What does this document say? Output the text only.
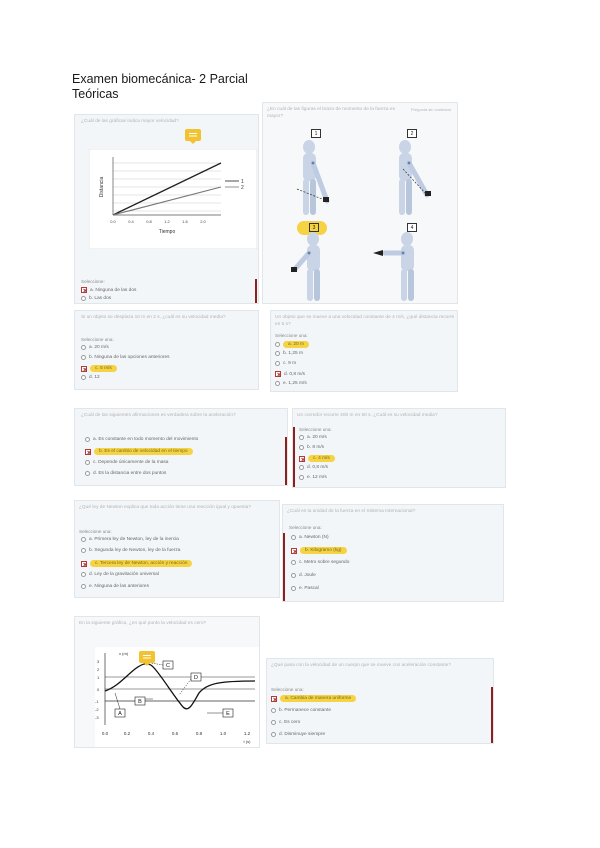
Examen biomecánica- 2 Parcial
Teóricas
¿Cuál de las gráficas indica mayor velocidad?
1
2
0.0	0.4	0.8	1.2	1.6	2.0
Tiempo
Distancia
Seleccione:
a. Ninguna de las dos
b. Las dos
¿En cuál de las figuras el brazo de momento de la fuerza es mayor?
Pregunta sin contestar
1	2
3	4
Si un objeto se desplaza 10 m en 2 s, ¿cuál es su velocidad media?
Seleccione una:
a. 20 m/s
b. Ninguna de las opciones anteriores
c. 5 m/s
d. 12
Un objeto que se mueve a una velocidad constante de 4 m/s, ¿qué distancia recorre en 5 s?
Seleccione una:
a. 20 m
b. 1,25 m
c. 9 m
d. 0,8 m/s
e. 1,25 m/s
¿Cuál de las siguientes afirmaciones es verdadera sobre la aceleración?
a. Es constante en todo momento del movimiento
b. Es el cambio de velocidad en el tiempo
c. Depende únicamente de la masa
d. Es la distancia entre dos puntos
Un corredor recorre 400 m en 50 s. ¿Cuál es su velocidad media?
Seleccione una:
a. 20 m/s
b. 8 m/s
c. 4 m/s
d. 0,8 m/s
e. 12 m/s
¿Qué ley de Newton explica que toda acción tiene una reacción igual y opuesta?
Seleccione una:
a. Primera ley de Newton, ley de la inercia
b. Segunda ley de Newton, ley de la fuerza
c. Tercera ley de Newton, acción y reacción
d. Ley de la gravitación universal
e. Ninguna de las anteriores
¿Cuál es la unidad de la fuerza en el Sistema Internacional?
Seleccione una:
a. Newton (N)
b. Kilogramo (kg)
c. Metro sobre segundo
d. Joule
e. Pascal
En la siguiente gráfica, ¿en qué punto la velocidad es cero?
3
2
1
0
-1
-2
-3
0.0	0.2	0.4	0.6	0.8	1.0	1.2
t (s)
x (m)
A
B
C
D
E
¿Qué pasa con la velocidad de un cuerpo que se mueve con aceleración constante?
Seleccione una:
a. Cambia de manera uniforme
b. Permanece constante
c. Es cero
d. Disminuye siempre
